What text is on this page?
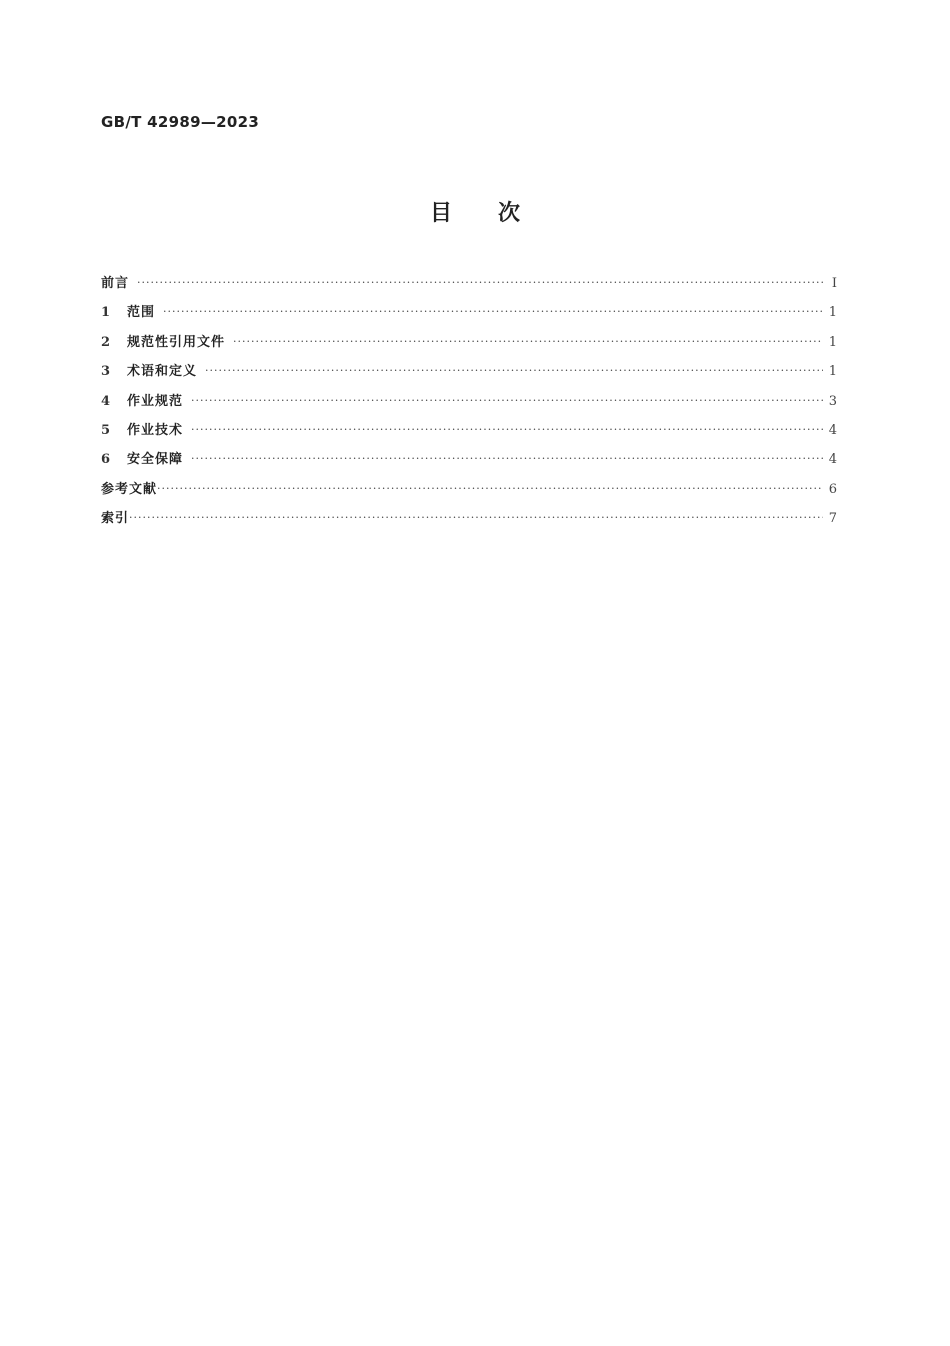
GB/T 42989—2023
目次
前言 ·····	Ⅰ
1	范围 ·····	1
2	规范性引用文件 ·····	1
3	术语和定义 ·····	1
4	作业规范 ·····	3
5	作业技术 ·····	4
6	安全保障 ·····	4
参考文献 ·····	6
索引 ·····	7
